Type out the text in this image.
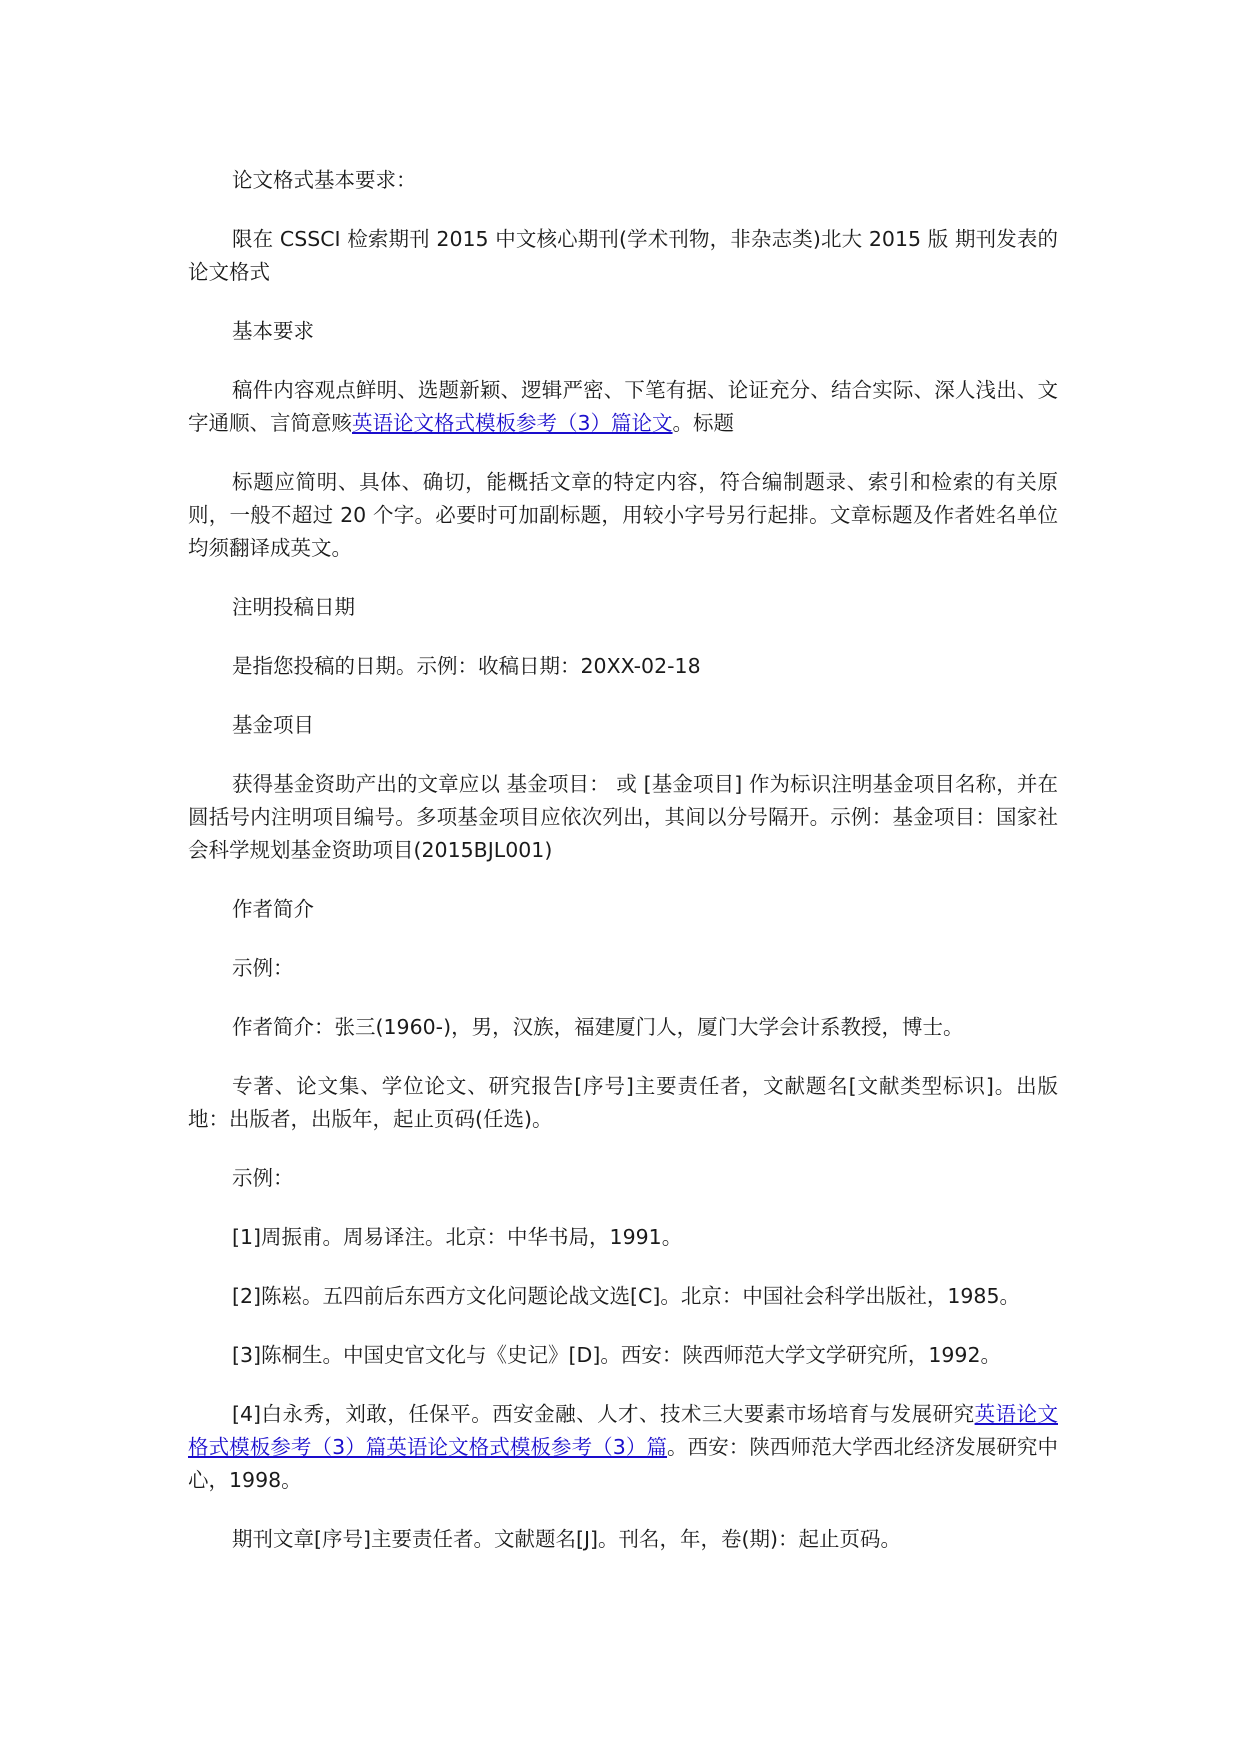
论文格式基本要求：

限在 CSSCI 检索期刊 2015 中文核心期刊(学术刊物，非杂志类)北大 2015 版 期刊发表的论文格式

基本要求

稿件内容观点鲜明、选题新颖、逻辑严密、下笔有据、论证充分、结合实际、深人浅出、文字通顺、言简意赅英语论文格式模板参考（3）篇论文。标题

标题应简明、具体、确切，能概括文章的特定内容，符合编制题录、索引和检索的有关原则，一般不超过 20 个字。必要时可加副标题，用较小字号另行起排。文章标题及作者姓名单位均须翻译成英文。

注明投稿日期

是指您投稿的日期。示例：收稿日期：20XX-02-18

基金项目

获得基金资助产出的文章应以 基金项目： 或 [基金项目] 作为标识注明基金项目名称，并在圆括号内注明项目编号。多项基金项目应依次列出，其间以分号隔开。示例：基金项目：国家社会科学规划基金资助项目(2015BJL001)

作者简介

示例：

作者简介：张三(1960-)，男，汉族，福建厦门人，厦门大学会计系教授，博士。

专著、论文集、学位论文、研究报告[序号]主要责任者，文献题名[文献类型标识]。出版地：出版者，出版年，起止页码(任选)。

示例：

[1]周振甫。周易译注。北京：中华书局，1991。

[2]陈崧。五四前后东西方文化问题论战文选[C]。北京：中国社会科学出版社，1985。

[3]陈桐生。中国史官文化与《史记》[D]。西安：陕西师范大学文学研究所，1992。

[4]白永秀，刘敢，任保平。西安金融、人才、技术三大要素市场培育与发展研究英语论文格式模板参考（3）篇英语论文格式模板参考（3）篇。西安：陕西师范大学西北经济发展研究中心，1998。

期刊文章[序号]主要责任者。文献题名[J]。刊名，年，卷(期)：起止页码。
